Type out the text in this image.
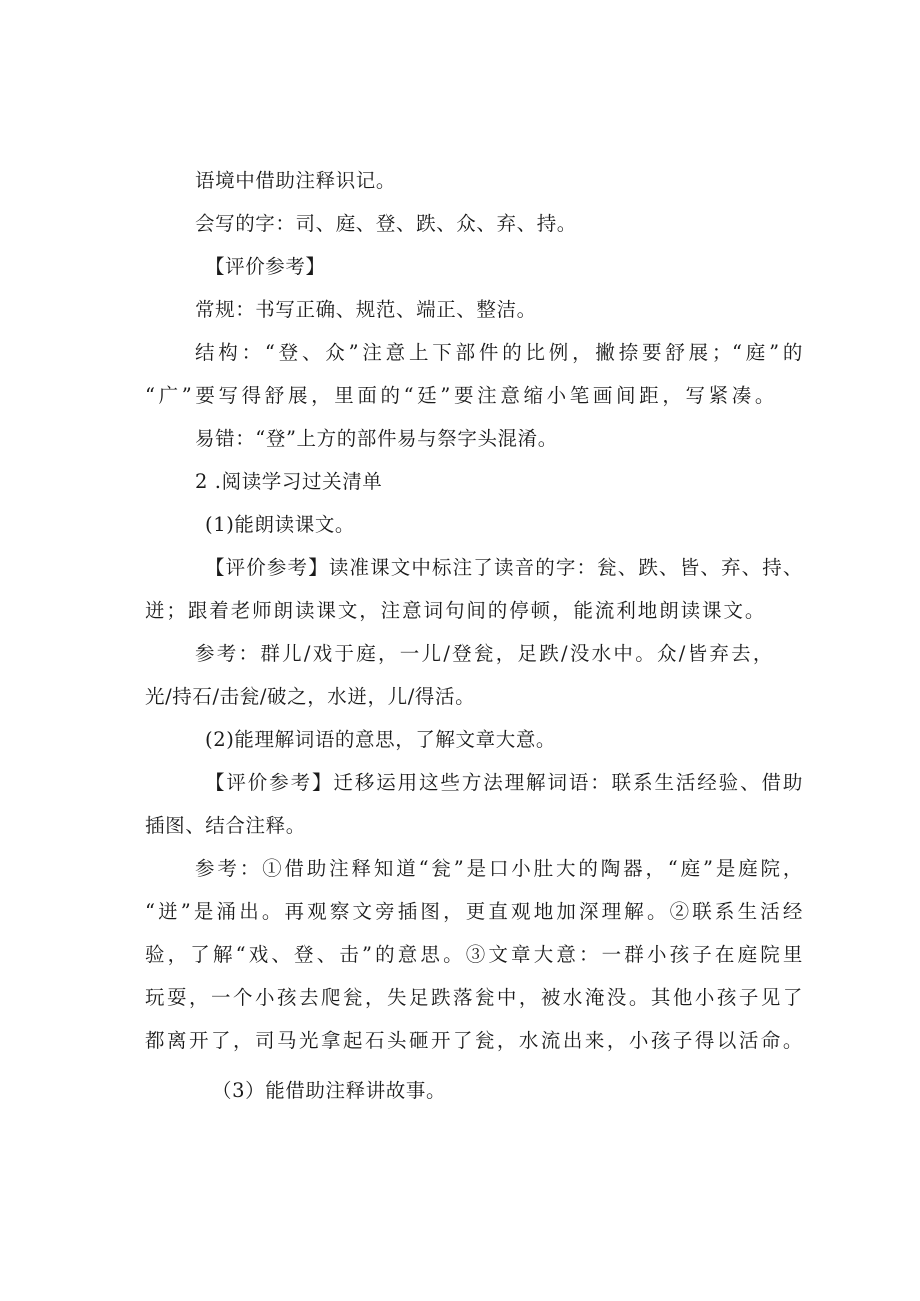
语境中借助注释识记。
会写的字：司、庭、登、跌、众、弃、持。
【评价参考】
常规：书写正确、规范、端正、整洁。
结构：“登、众”注意上下部件的比例，撇捺要舒展；“庭”的
“广”要写得舒展，里面的“廷”要注意缩小笔画间距，写紧凑。
易错：“登”上方的部件易与祭字头混淆。
2 .阅读学习过关清单
(1)能朗读课文。
【评价参考】读准课文中标注了读音的字：瓮、跌、皆、弃、持、
迸；跟着老师朗读课文，注意词句间的停顿，能流利地朗读课文。
参考：群儿/戏于庭，一儿/登瓮，足跌/没水中。众/皆弃去，
光/持石/击瓮/破之，水迸，儿/得活。
(2)能理解词语的意思，了解文章大意。
【评价参考】迁移运用这些方法理解词语：联系生活经验、借助
插图、结合注释。
参考：①借助注释知道“瓮”是口小肚大的陶器，“庭”是庭院，
“迸”是涌出。再观察文旁插图，更直观地加深理解。②联系生活经
验，了解“戏、登、击”的意思。③文章大意：一群小孩子在庭院里
玩耍，一个小孩去爬瓮，失足跌落瓮中，被水淹没。其他小孩子见了
都离开了，司马光拿起石头砸开了瓮，水流出来，小孩子得以活命。
（3）能借助注释讲故事。
